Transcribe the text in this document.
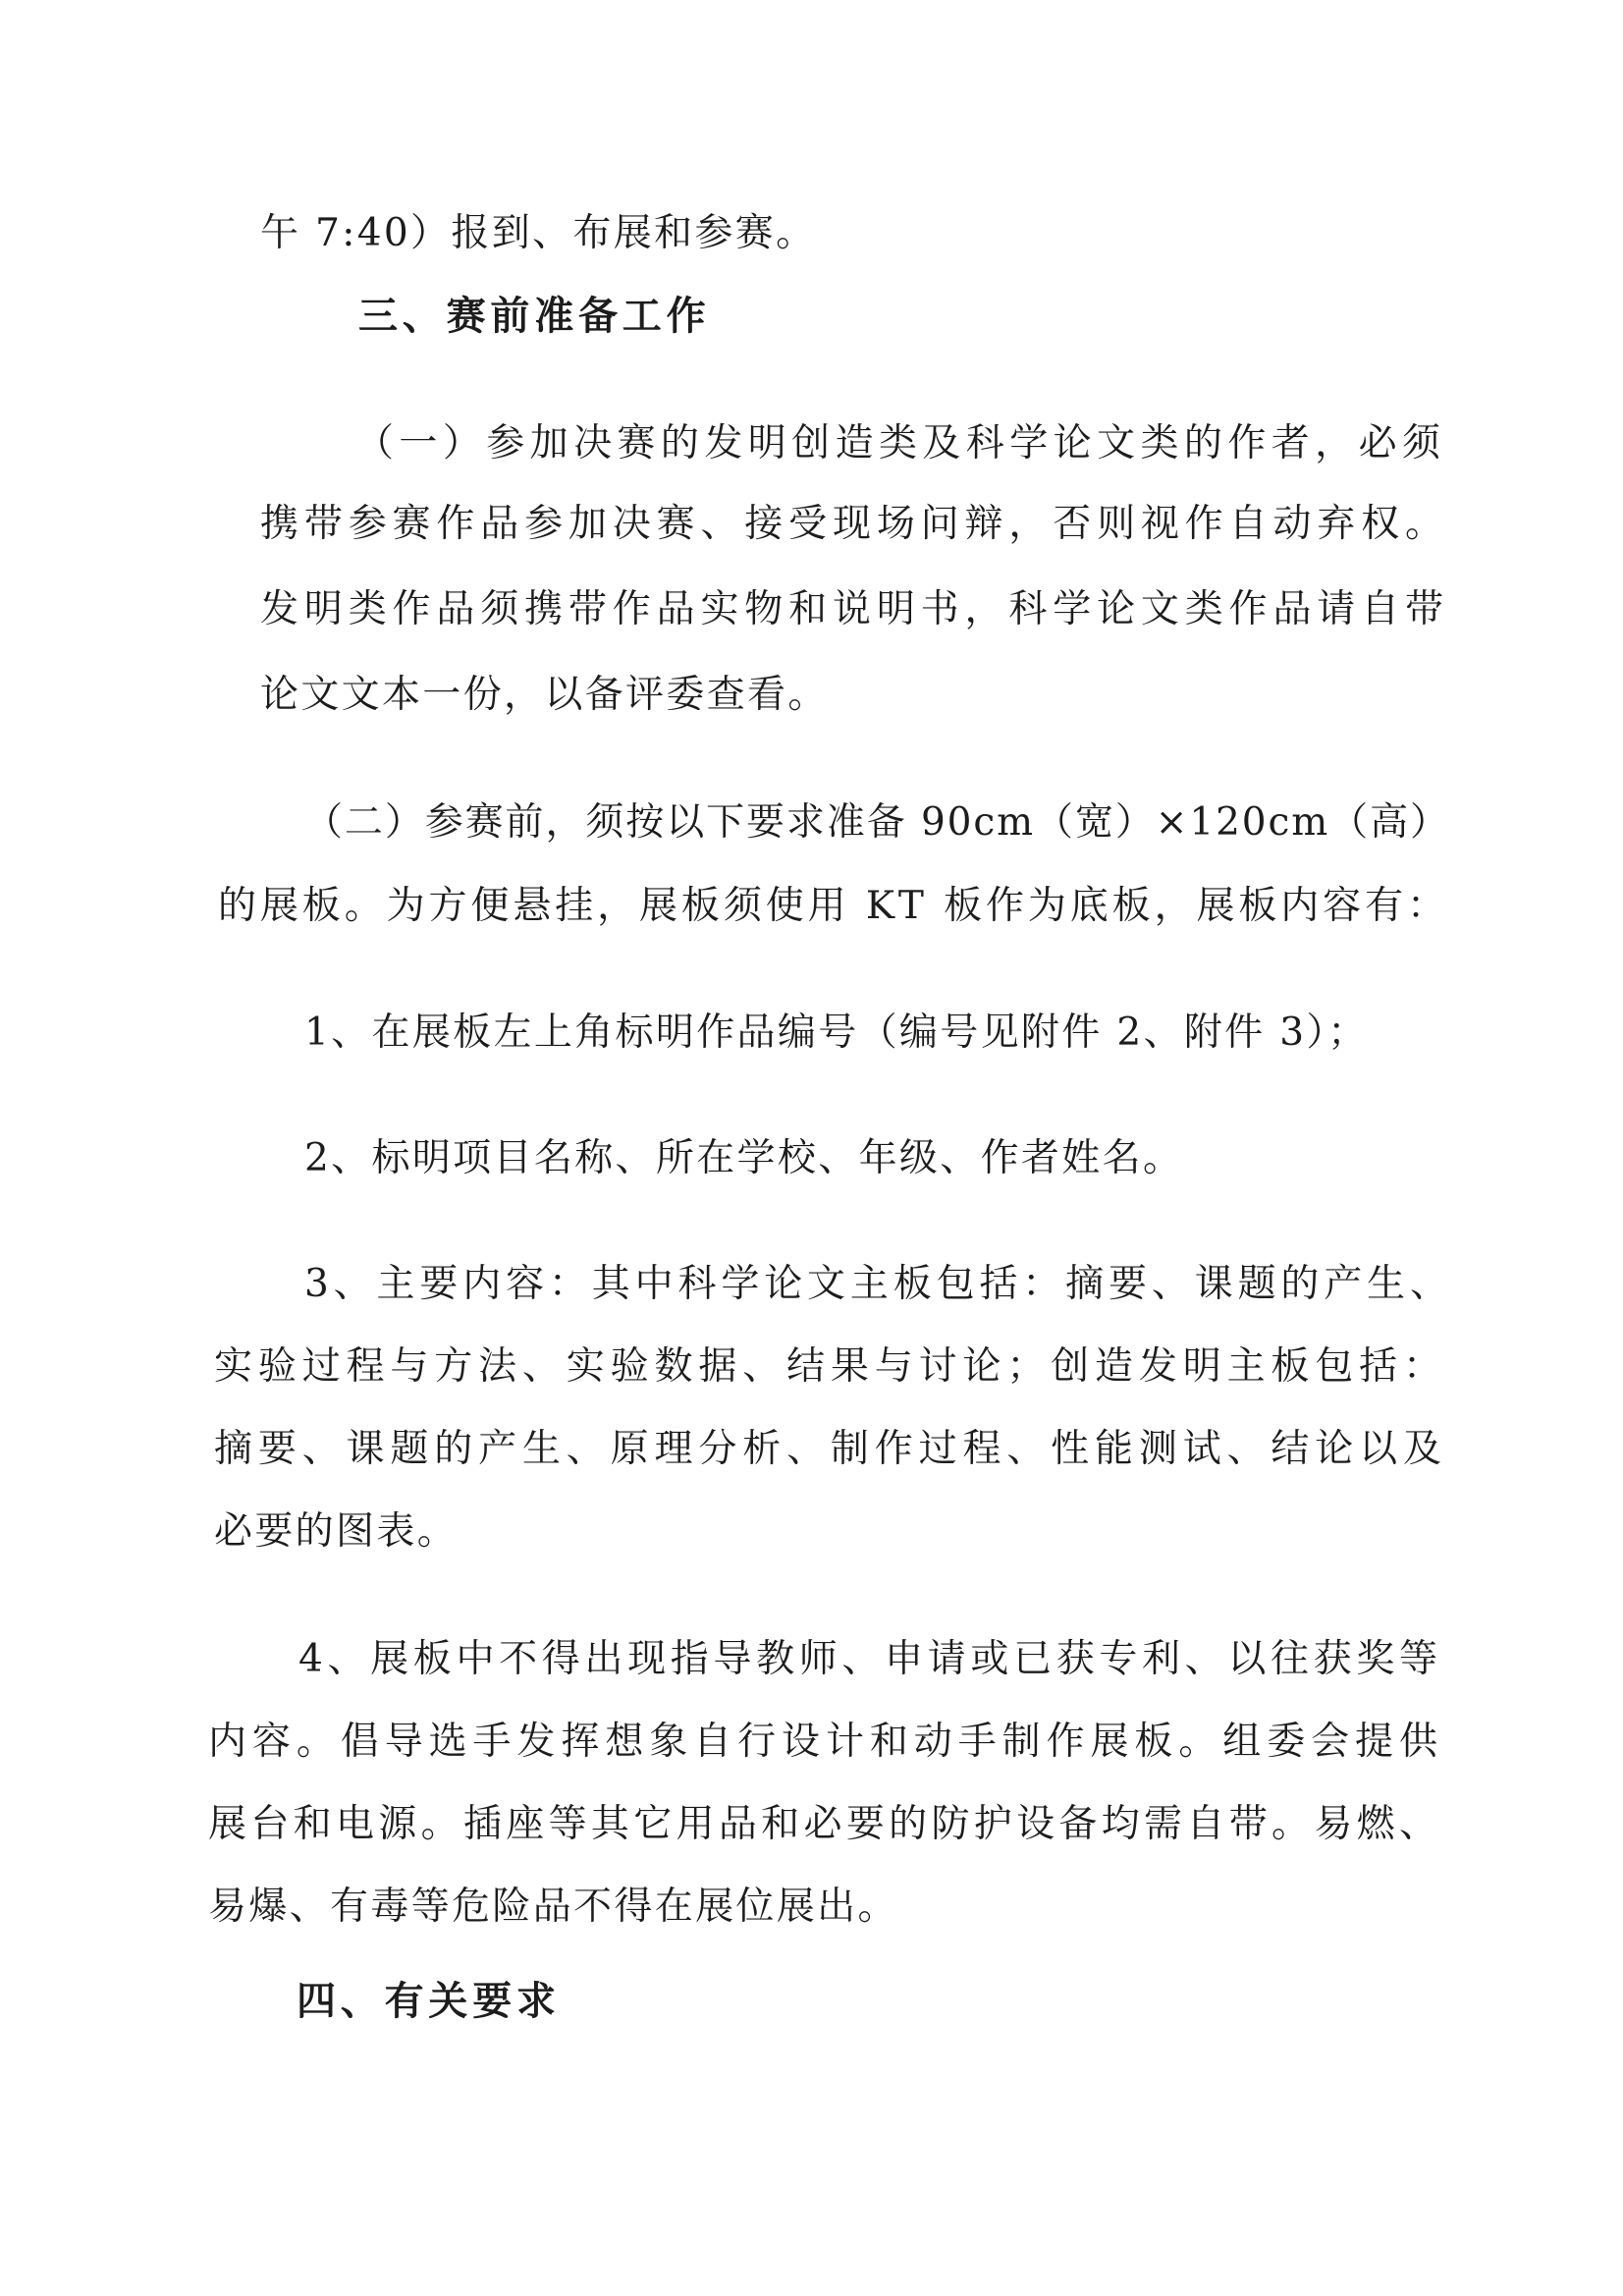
午 7:40）报到、布展和参赛。

三、赛前准备工作

（一）参加决赛的发明创造类及科学论文类的作者，必须

携带参赛作品参加决赛、接受现场问辩，否则视作自动弃权。

发明类作品须携带作品实物和说明书，科学论文类作品请自带

论文文本一份，以备评委查看。

（二）参赛前，须按以下要求准备 90cm（宽）×120cm（高）

的展板。为方便悬挂，展板须使用 KT 板作为底板，展板内容有：

1、在展板左上角标明作品编号（编号见附件 2、附件 3）；

2、标明项目名称、所在学校、年级、作者姓名。

3、主要内容：其中科学论文主板包括：摘要、课题的产生、

实验过程与方法、实验数据、结果与讨论；创造发明主板包括：

摘要、课题的产生、原理分析、制作过程、性能测试、结论以及

必要的图表。

4、展板中不得出现指导教师、申请或已获专利、以往获奖等

内容。倡导选手发挥想象自行设计和动手制作展板。组委会提供

展台和电源。插座等其它用品和必要的防护设备均需自带。易燃、

易爆、有毒等危险品不得在展位展出。

四、有关要求
